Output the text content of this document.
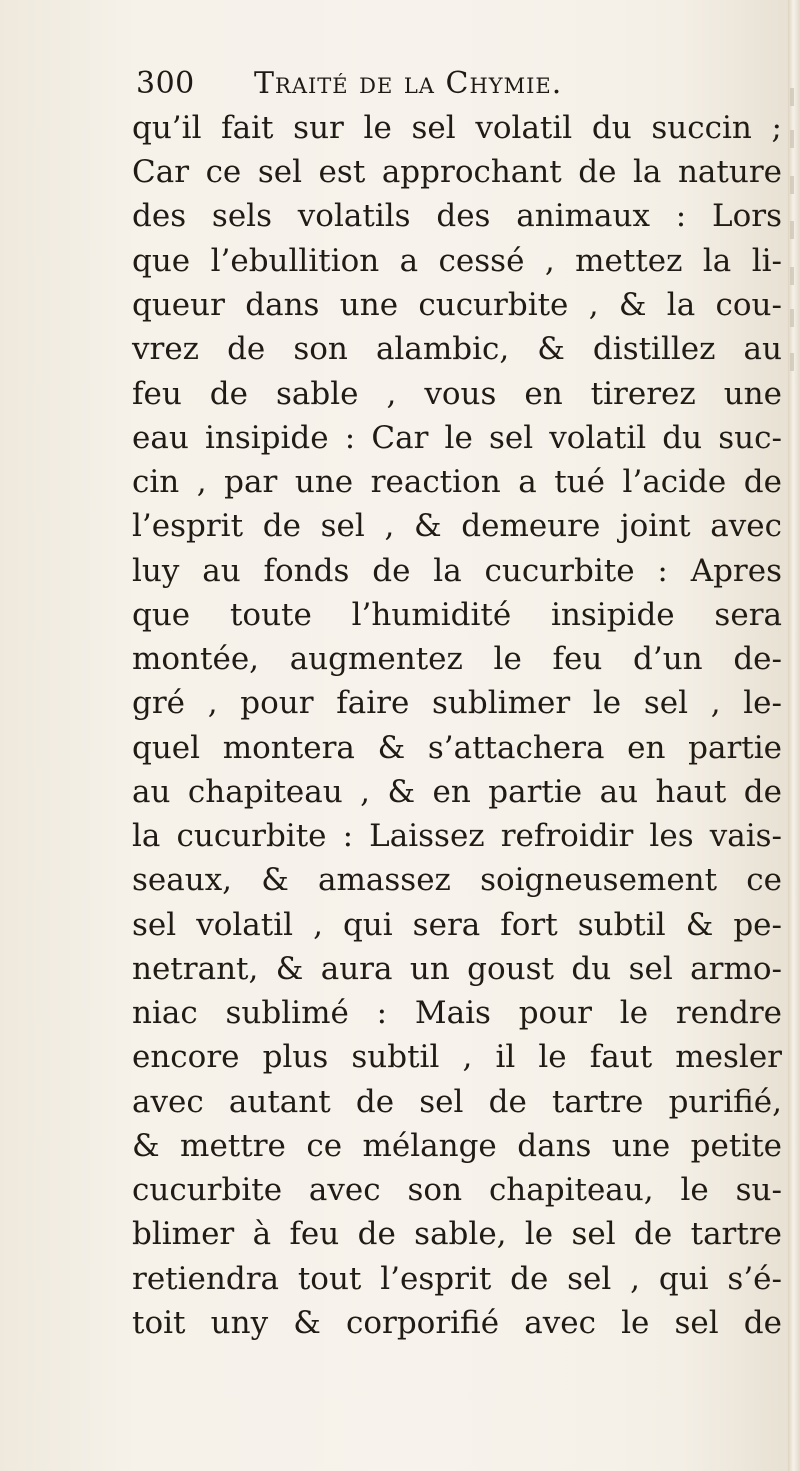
300 Traité de la Chymie.
qu’il fait sur le sel volatil du succin ;
Car ce sel est approchant de la nature
des sels volatils des animaux : Lors
que l’ebullition a cessé , mettez la li-
queur dans une cucurbite , & la cou-
vrez de son alambic, & distillez au
feu de sable , vous en tirerez une
eau insipide : Car le sel volatil du suc-
cin , par une reaction a tué l’acide de
l’esprit de sel , & demeure joint avec
luy au fonds de la cucurbite : Apres
que toute l’humidité insipide sera
montée, augmentez le feu d’un de-
gré , pour faire sublimer le sel , le-
quel montera & s’attachera en partie
au chapiteau , & en partie au haut de
la cucurbite : Laissez refroidir les vais-
seaux, & amassez soigneusement ce
sel volatil , qui sera fort subtil & pe-
netrant, & aura un goust du sel armo-
niac sublimé : Mais pour le rendre
encore plus subtil , il le faut mesler
avec autant de sel de tartre purifié,
& mettre ce mélange dans une petite
cucurbite avec son chapiteau, le su-
blimer à feu de sable, le sel de tartre
retiendra tout l’esprit de sel , qui s’é-
toit uny & corporifié avec le sel de
